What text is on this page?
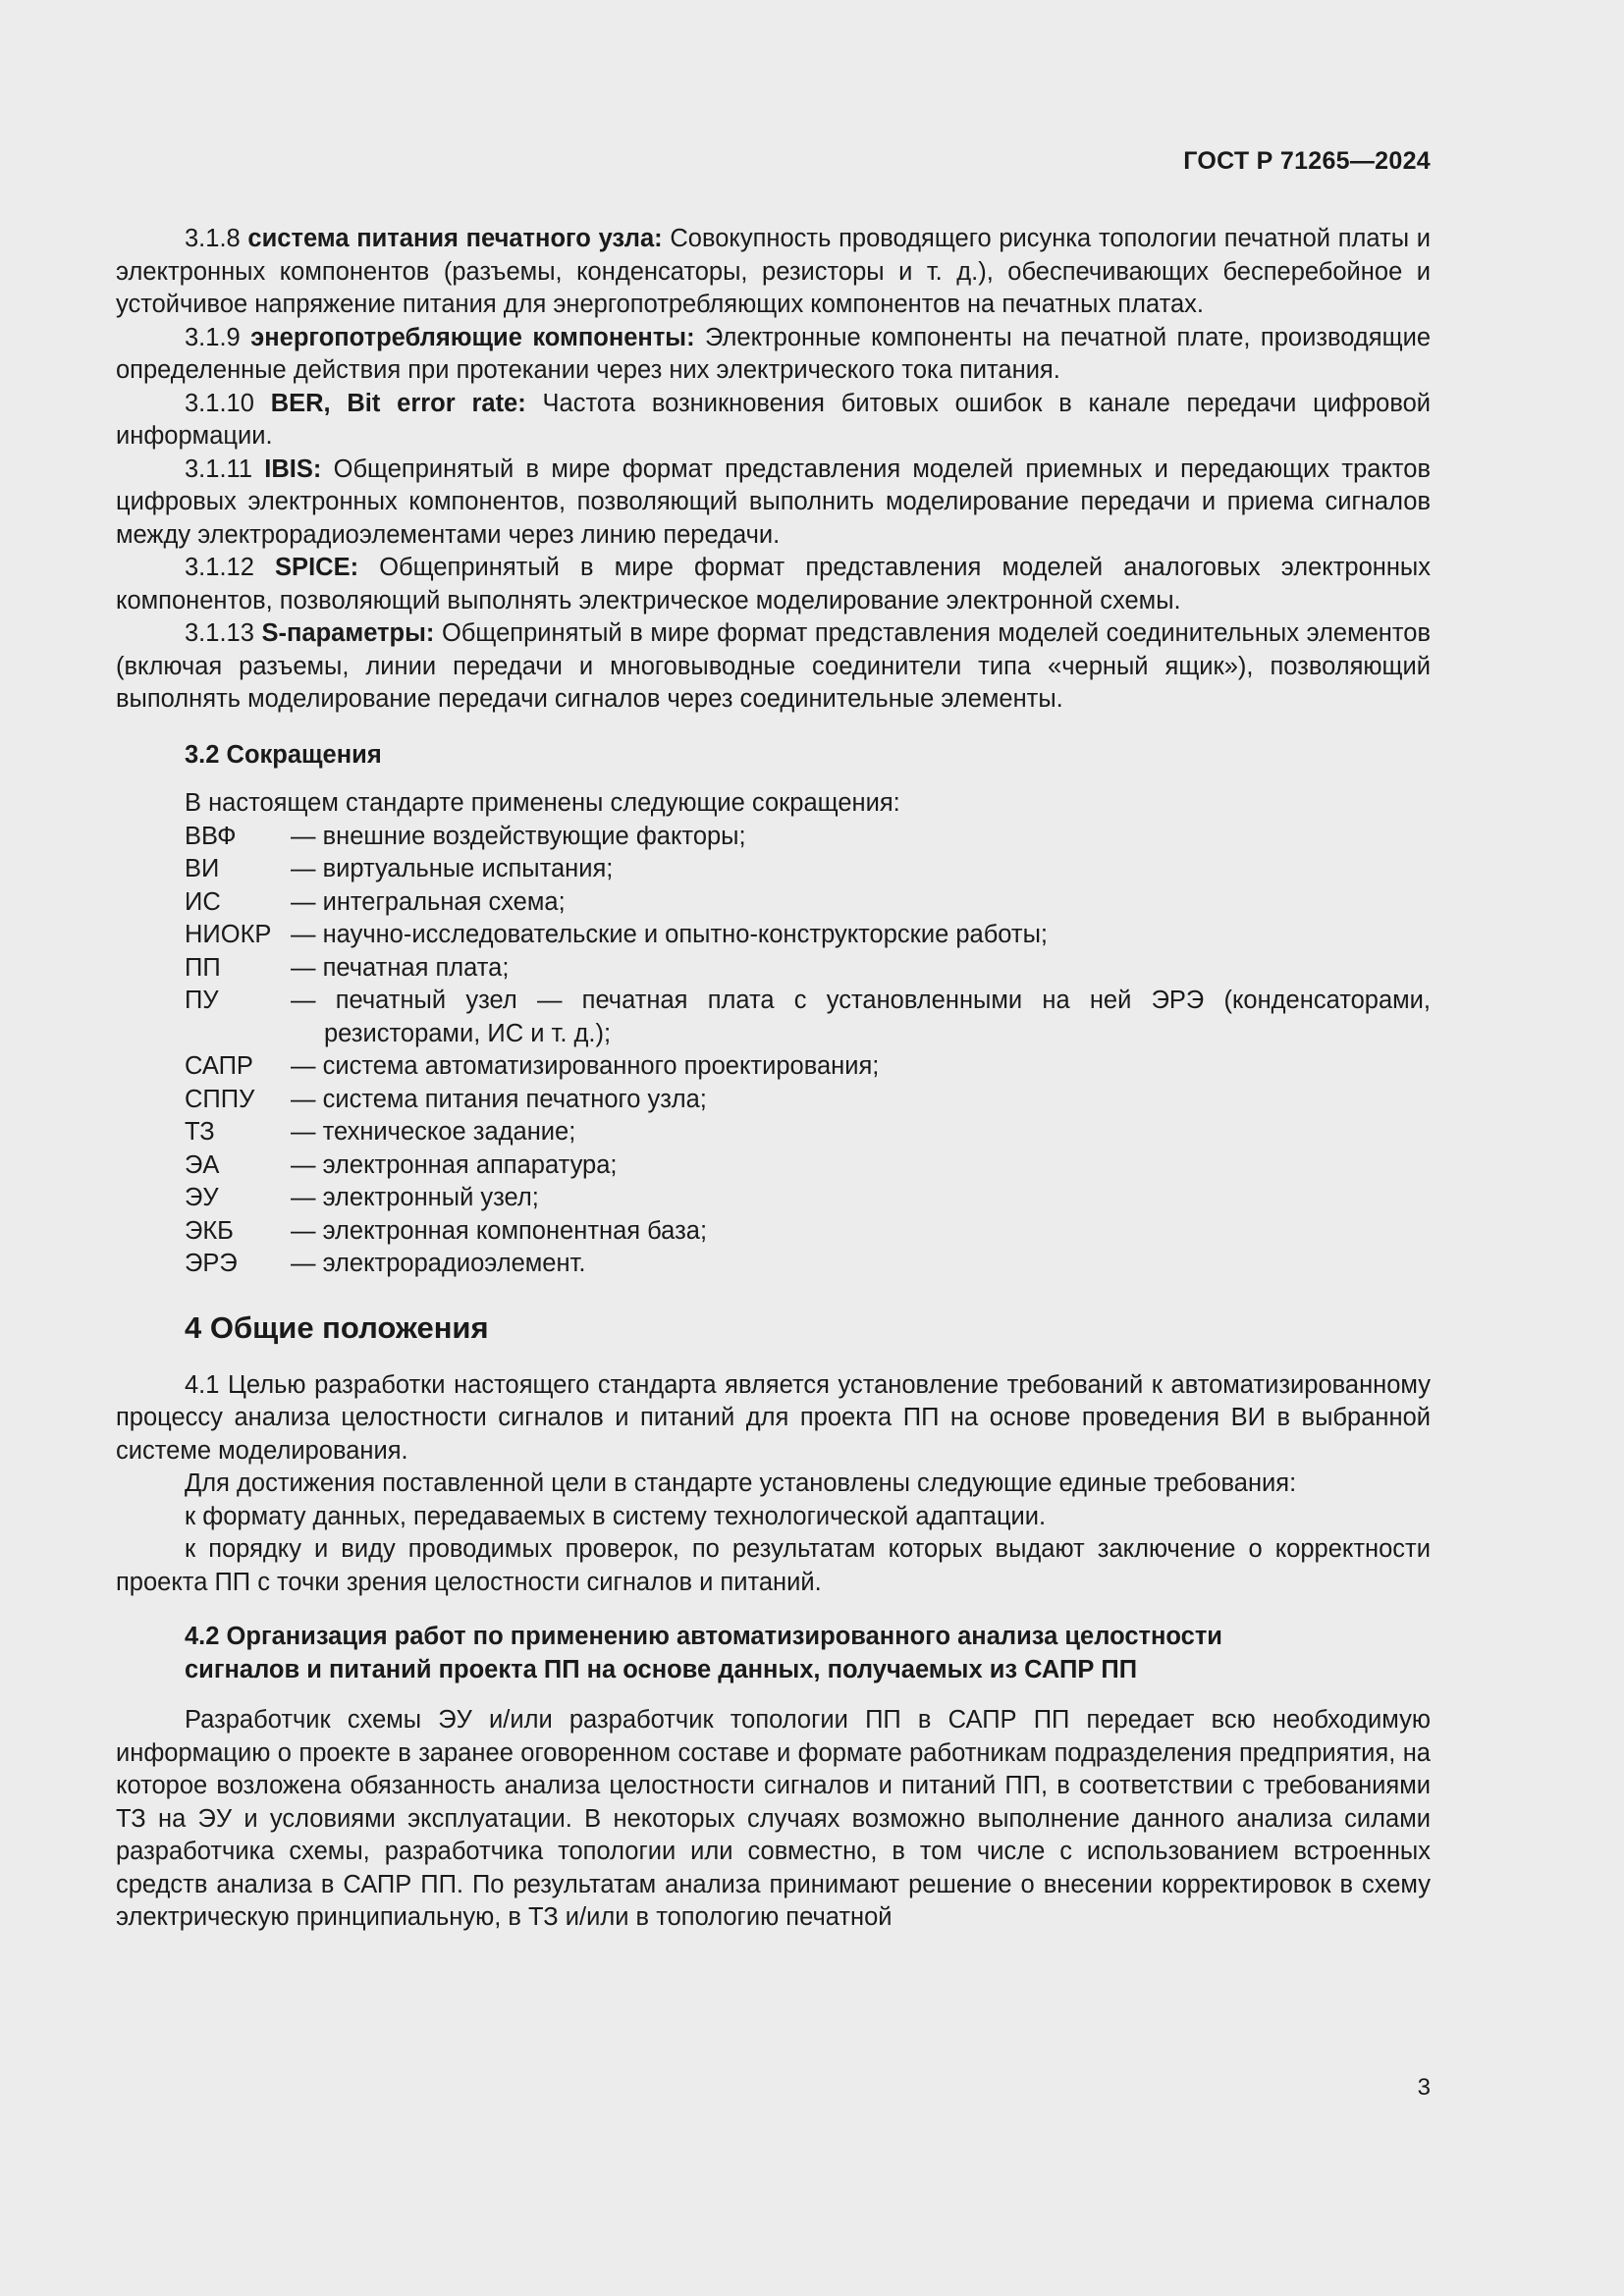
ГОСТ Р 71265—2024

3.1.8 система питания печатного узла: Совокупность проводящего рисунка топологии печатной платы и электронных компонентов (разъемы, конденсаторы, резисторы и т. д.), обеспечивающих бесперебойное и устойчивое напряжение питания для энергопотребляющих компонентов на печатных платах.

3.1.9 энергопотребляющие компоненты: Электронные компоненты на печатной плате, производящие определенные действия при протекании через них электрического тока питания.

3.1.10 BER, Bit error rate: Частота возникновения битовых ошибок в канале передачи цифровой информации.

3.1.11 IBIS: Общепринятый в мире формат представления моделей приемных и передающих трактов цифровых электронных компонентов, позволяющий выполнить моделирование передачи и приема сигналов между электрорадиоэлементами через линию передачи.

3.1.12 SPICE: Общепринятый в мире формат представления моделей аналоговых электронных компонентов, позволяющий выполнять электрическое моделирование электронной схемы.

3.1.13 S-параметры: Общепринятый в мире формат представления моделей соединительных элементов (включая разъемы, линии передачи и многовыводные соединители типа «черный ящик»), позволяющий выполнять моделирование передачи сигналов через соединительные элементы.

3.2 Сокращения

В настоящем стандарте применены следующие сокращения:

ВВФ	— внешние воздействующие факторы;
ВИ	— виртуальные испытания;
ИС	— интегральная схема;
НИОКР — научно-исследовательские и опытно-конструкторские работы;
ПП	— печатная плата;
ПУ	— печатный узел — печатная плата с установленными на ней ЭРЭ (конденсаторами, резисторами, ИС и т. д.);
САПР	— система автоматизированного проектирования;
СППУ	— система питания печатного узла;
ТЗ	— техническое задание;
ЭА	— электронная аппаратура;
ЭУ	— электронный узел;
ЭКБ	— электронная компонентная база;
ЭРЭ	— электрорадиоэлемент.
4 Общие положения

4.1 Целью разработки настоящего стандарта является установление требований к автоматизированному процессу анализа целостности сигналов и питаний для проекта ПП на основе проведения ВИ в выбранной системе моделирования.

Для достижения поставленной цели в стандарте установлены следующие единые требования:

к формату данных, передаваемых в систему технологической адаптации.

к порядку и виду проводимых проверок, по результатам которых выдают заключение о корректности проекта ПП с точки зрения целостности сигналов и питаний.

4.2 Организация работ по применению автоматизированного анализа целостности
сигналов и питаний проекта ПП на основе данных, получаемых из САПР ПП

Разработчик схемы ЭУ и/или разработчик топологии ПП в САПР ПП передает всю необходимую информацию о проекте в заранее оговоренном составе и формате работникам подразделения предприятия, на которое возложена обязанность анализа целостности сигналов и питаний ПП, в соответствии с требованиями ТЗ на ЭУ и условиями эксплуатации. В некоторых случаях возможно выполнение данного анализа силами разработчика схемы, разработчика топологии или совместно, в том числе с использованием встроенных средств анализа в САПР ПП. По результатам анализа принимают решение о внесении корректировок в схему электрическую принципиальную, в ТЗ и/или в топологию печатной

3
